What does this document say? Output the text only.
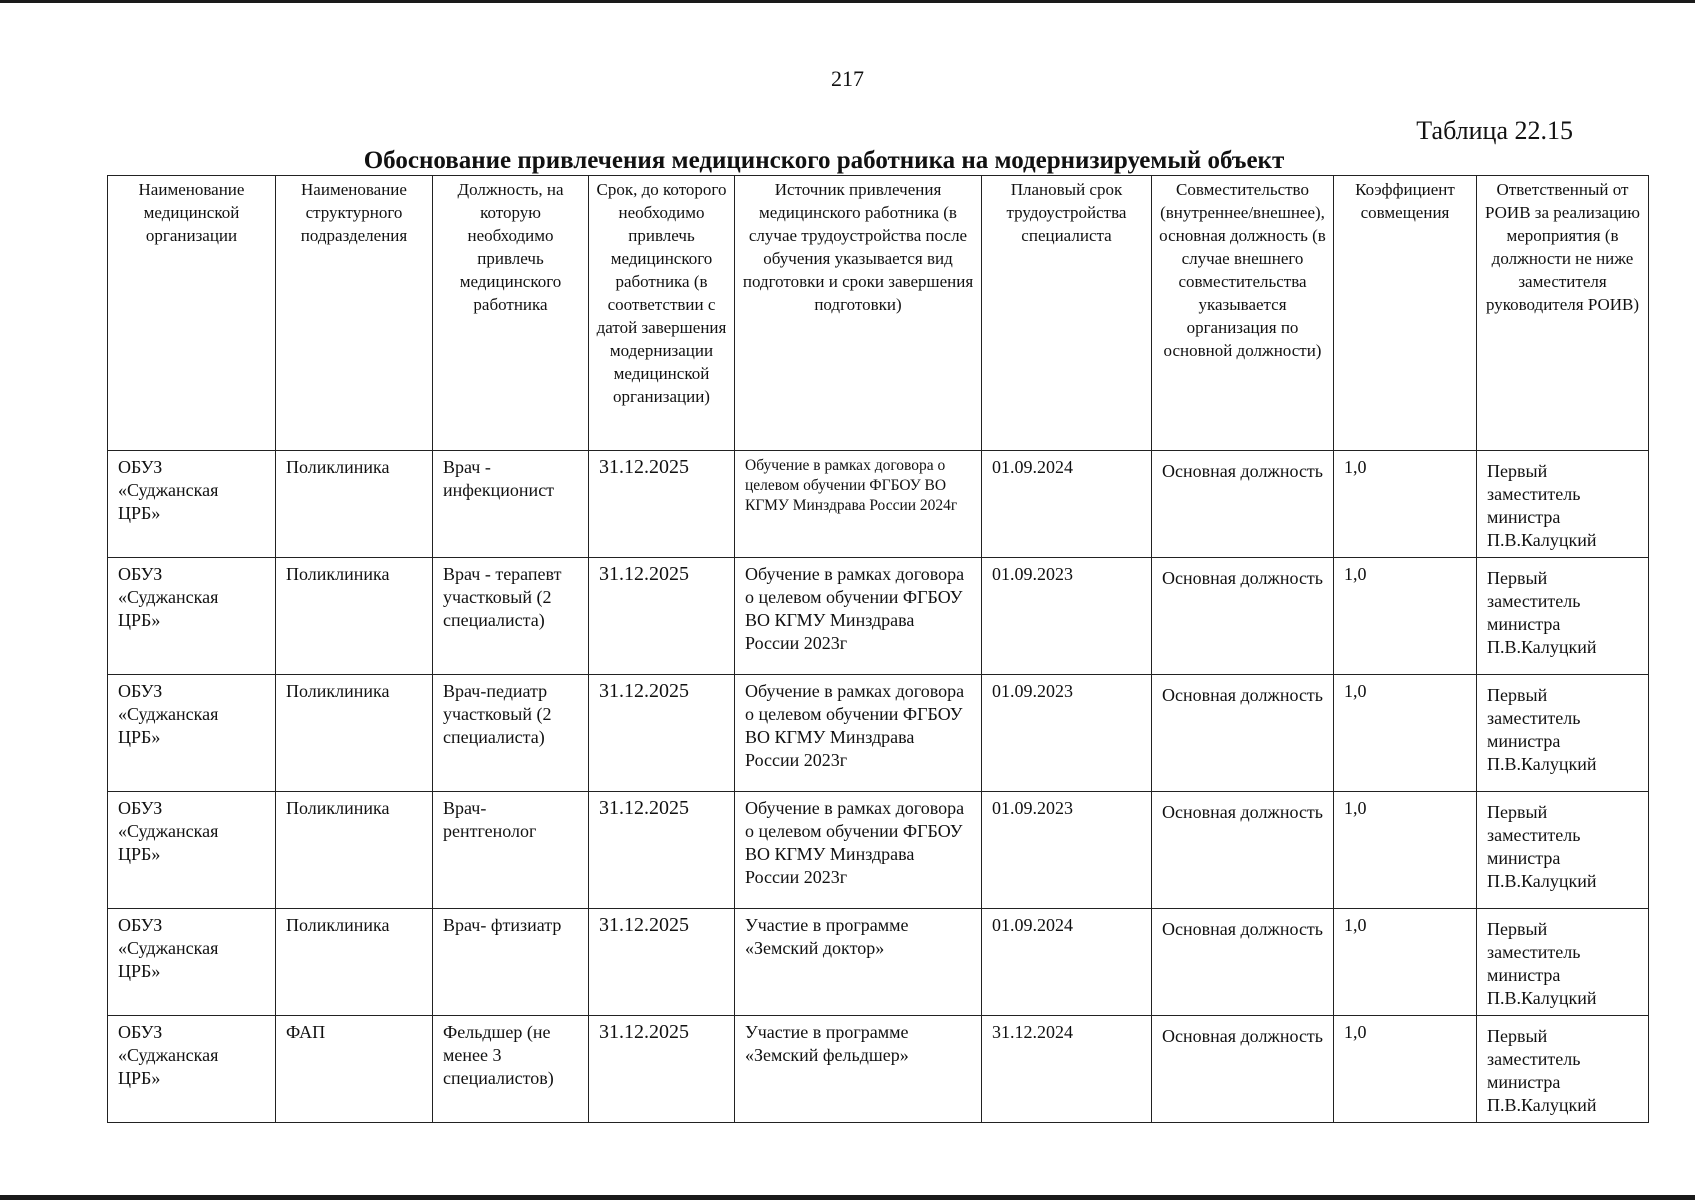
217
Таблица 22.15
Обоснование привлечения медицинского работника на модернизируемый объект
Наименование медицинской организации	Наименование структурного подразделения	Должность, на которую необходимо привлечь медицинского работника	Срок, до которого необходимо привлечь медицинского работника (в соответствии с датой завершения модернизации медицинской организации)	Источник привлечения медицинского работника (в случае трудоустройства после обучения указывается вид подготовки и сроки завершения подготовки)	Плановый срок трудоустройства специалиста	Совместительство (внутреннее/внешнее), основная должность (в случае внешнего совместительства указывается организация по основной должности)	Коэффициент совмещения	Ответственный от РОИВ за реализацию мероприятия (в должности не ниже заместителя руководителя РОИВ)
ОБУЗ «Суджанская ЦРБ»	Поликлиника	Врач - инфекционист	31.12.2025	Обучение в рамках договора о целевом обучении ФГБОУ ВО КГМУ Минздрава России 2024г	01.09.2024	Основная должность	1,0	Первый заместитель министра
П.В.Калуцкий

ОБУЗ «Суджанская ЦРБ»	Поликлиника	Врач - терапевт участковый (2 специалиста)	31.12.2025	Обучение в рамках договора о целевом обучении ФГБОУ ВО КГМУ Минздрава России 2023г	01.09.2023	Основная должность	1,0	Первый заместитель министра
П.В.Калуцкий

ОБУЗ «Суджанская ЦРБ»	Поликлиника	Врач-педиатр участковый (2 специалиста)	31.12.2025	Обучение в рамках договора о целевом обучении ФГБОУ ВО КГМУ Минздрава России 2023г	01.09.2023	Основная должность	1,0	Первый заместитель министра
П.В.Калуцкий

ОБУЗ «Суджанская ЦРБ»	Поликлиника	Врач-рентгенолог	31.12.2025	Обучение в рамках договора о целевом обучении ФГБОУ ВО КГМУ Минздрава России 2023г	01.09.2023	Основная должность	1,0	Первый заместитель министра
П.В.Калуцкий

ОБУЗ «Суджанская ЦРБ»	Поликлиника	Врач- фтизиатр	31.12.2025	Участие в программе «Земский доктор»	01.09.2024	Основная должность	1,0	Первый заместитель министра
П.В.Калуцкий

ОБУЗ «Суджанская ЦРБ»	ФАП	Фельдшер (не менее 3 специалистов)	31.12.2025	Участие в программе «Земский фельдшер»	31.12.2024	Основная должность	1,0	Первый заместитель министра
П.В.Калуцкий
